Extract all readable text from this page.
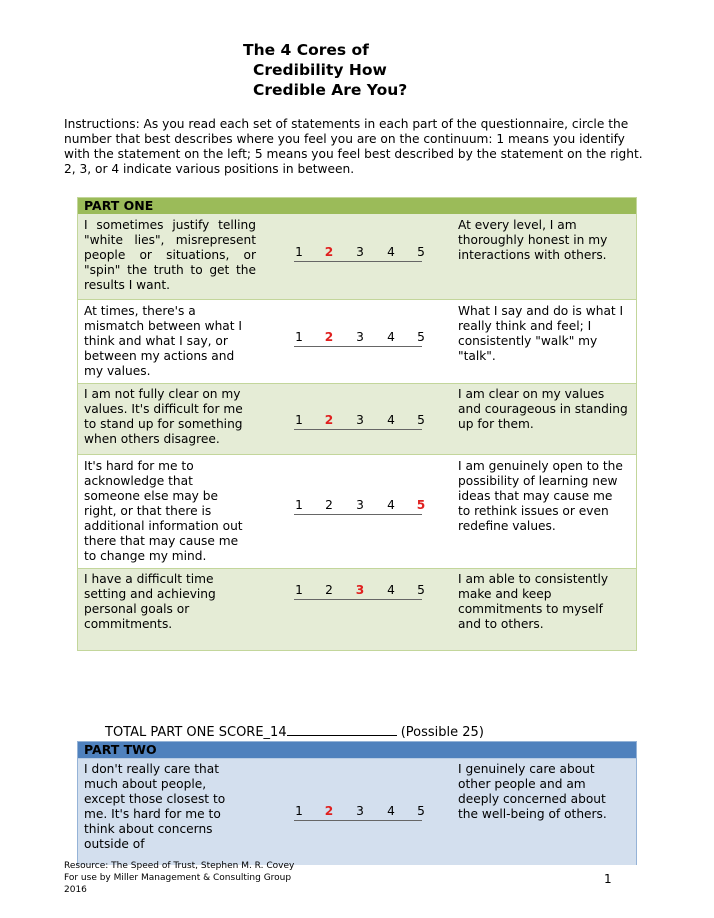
The 4 Cores of
Credibility How
Credible Are You?
Instructions: As you read each set of statements in each part of the questionnaire, circle the number that best describes where you feel you are on the continuum: 1 means you identify with the statement on the left; 5 means you feel best described by the statement on the right. 2, 3, or 4 indicate various positions in between.
PART ONE
I sometimes justify telling "white lies", misrepresent people or situations, or "spin" the truth to get the results I want.
1 2 3 4 5
At every level, I am thoroughly honest in my interactions with others.
At times, there's a mismatch between what I think and what I say, or between my actions and my values.
1 2 3 4 5
What I say and do is what I really think and feel; I consistently "walk" my "talk".
I am not fully clear on my values. It's difficult for me to stand up for something when others disagree.
1 2 3 4 5
I am clear on my values and courageous in standing up for them.
It's hard for me to acknowledge that someone else may be right, or that there is additional information out there that may cause me to change my mind.
1 2 3 4 5
I am genuinely open to the possibility of learning new ideas that may cause me to rethink issues or even redefine values.
I have a difficult time setting and achieving personal goals or commitments.
1 2 3 4 5
I am able to consistently make and keep commitments to myself and to others.
TOTAL PART ONE SCORE_14	(Possible 25)
PART TWO
I don't really care that much about people, except those closest to me. It's hard for me to think about concerns outside of
1 2 3 4 5
I genuinely care about other people and am deeply concerned about the well-being of others.
Resource: The Speed of Trust, Stephen M. R. Covey
For use by Miller Management & Consulting Group
2016
1
